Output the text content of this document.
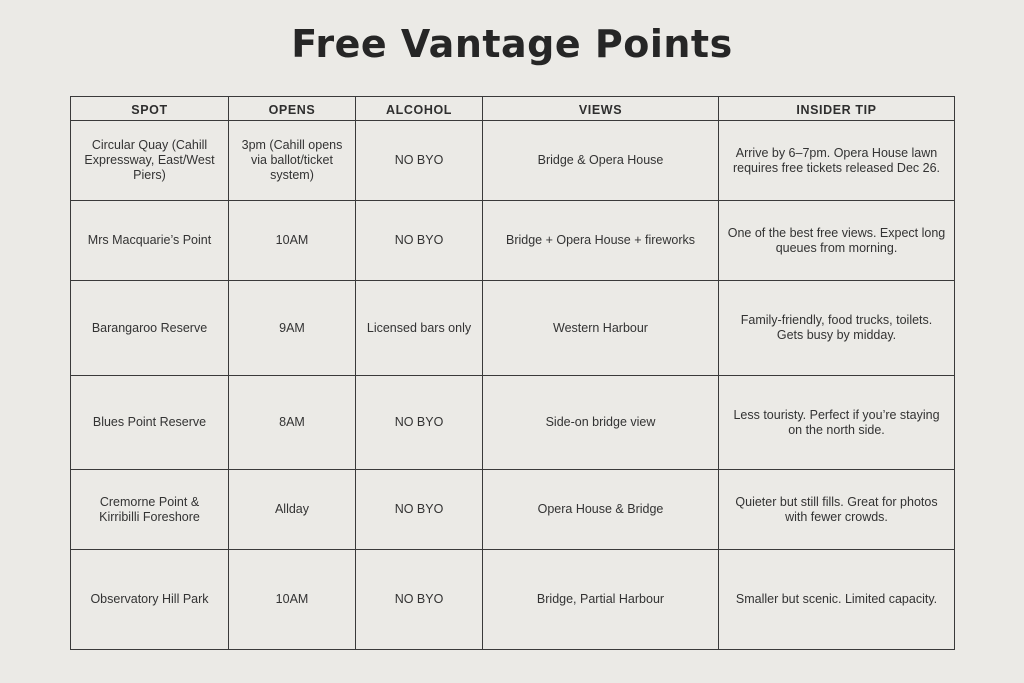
Free Vantage Points
SPOT	OPENS	ALCOHOL	VIEWS	INSIDER TIP
Circular Quay (Cahill Expressway, East/West Piers)	3pm (Cahill opens via ballot/ticket system)	NO BYO	Bridge & Opera House	Arrive by 6–7pm. Opera House lawn requires free tickets released Dec 26.
Mrs Macquarie’s Point	10AM	NO BYO	Bridge + Opera House + fireworks	One of the best free views. Expect long queues from morning.
Barangaroo Reserve	9AM	Licensed bars only	Western Harbour	Family-friendly, food trucks, toilets. Gets busy by midday.
Blues Point Reserve	8AM	NO BYO	Side-on bridge view	Less touristy. Perfect if you’re staying on the north side.
Cremorne Point & Kirribilli Foreshore	Allday	NO BYO	Opera House & Bridge	Quieter but still fills. Great for photos with fewer crowds.
Observatory Hill Park	10AM	NO BYO	Bridge, Partial Harbour	Smaller but scenic. Limited capacity.
